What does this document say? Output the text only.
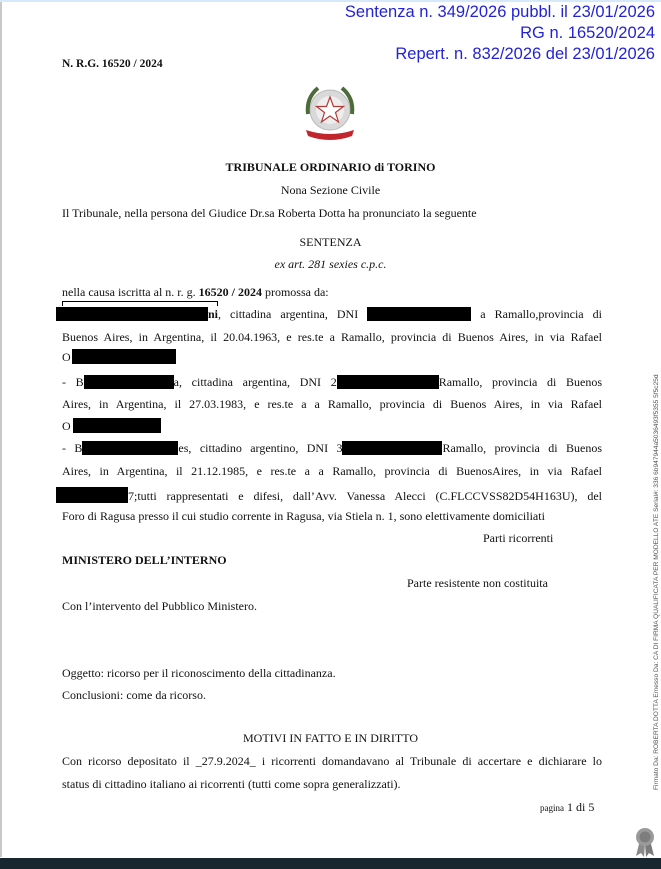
Sentenza n. 349/2026 pubbl. il 23/01/2026
RG n. 16520/2024
Repert. n. 832/2026 del 23/01/2026
N. R.G. 16520 / 2024
TRIBUNALE ORDINARIO di TORINO
Nona Sezione Civile
Il Tribunale, nella persona del Giudice Dr.sa Roberta Dotta ha pronunciato la seguente
SENTENZA
ex art. 281 sexies c.p.c.
nella causa iscritta al n. r. g. 16520 / 2024 promossa da:
ni, cittadina argentina, DNI	a Ramallo,provincia di
Buenos Aires, in Argentina, il 20.04.1963, e res.te a Ramallo, provincia di Buenos Aires, in via Rafael
O
- B	a, cittadina argentina, DNI 2	Ramallo, provincia di Buenos
Aires, in Argentina, il 27.03.1983, e res.te a a Ramallo, provincia di Buenos Aires, in via Rafael
O
- B	es, cittadino argentino, DNI 3	Ramallo, provincia di Buenos
Aires, in Argentina, il 21.12.1985, e res.te a a Ramallo, provincia di BuenosAires, in via Rafael
7;tutti rappresentati e difesi, dall’Avv. Vanessa Alecci (C.FLCCVSS82D54H163U), del
Foro di Ragusa presso il cui studio corrente in Ragusa, via Stiela n. 1, sono elettivamente domiciliati
Parti ricorrenti
MINISTERO DELL’INTERNO
Parte resistente non costituita
Con l’intervento del Pubblico Ministero.
Oggetto: ricorso per il riconoscimento della cittadinanza.
Conclusioni: come da ricorso.
MOTIVI IN FATTO E IN DIRITTO
Con ricorso depositato il _27.9.2024_ i ricorrenti domandavano al Tribunale di accertare e dichiarare lo
status di cittadino italiano ai ricorrenti (tutti come sopra generalizzati).
pagina 1 di 5
Firmato Da: ROBERTA DOTTA Emesso Da: CA DI FIRMA QUALIFICATA PER MODELLO ATE Serial#: 336 6b947944a5036493f5355 5f5c25d
